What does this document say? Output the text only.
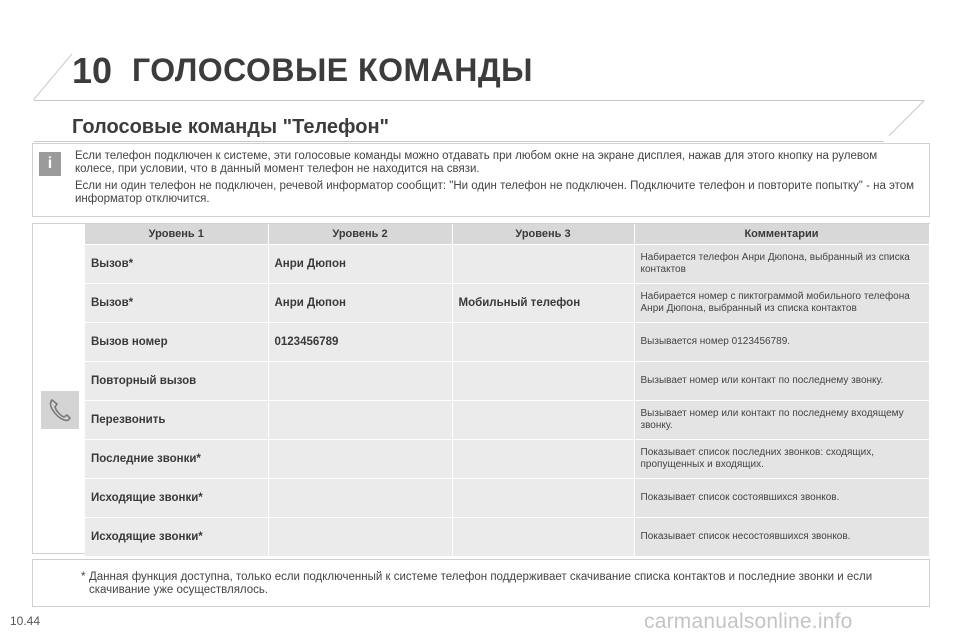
10 ГОЛОСОВЫЕ КОМАНДЫ
Голосовые команды "Телефон"
i	Если телефон подключен к системе, эти голосовые команды можно отдавать при любом окне на экране дисплея, нажав для этого кнопку на рулевом колесе, при условии, что в данный момент телефон не находится на связи.

Если ни один телефон не подключен, речевой информатор сообщит: "Ни один телефон не подключен. Подключите телефон и повторите попытку" - на этом информатор отключится.

Уровень 1	Уровень 2	Уровень 3	Комментарии
Вызов*	Анри Дюпон		Набирается телефон Анри Дюпона, выбранный из списка контактов
Вызов*	Анри Дюпон	Мобильный телефон	Набирается номер с пиктограммой мобильного телефона Анри Дюпона, выбранный из списка контактов
Вызов номер	0123456789		Вызывается номер 0123456789.
Повторный вызов			Вызывает номер или контакт по последнему звонку.
Перезвонить			Вызывает номер или контакт по последнему входящему звонку.
Последние звонки*			Показывает список последних звонков: сходящих, пропущенных и входящих.
Исходящие звонки*			Показывает список состоявшихся звонков.
Исходящие звонки*			Показывает список несостоявшихся звонков.
* Данная функция доступна, только если подключенный к системе телефон поддерживает скачивание списка контактов и последние звонки и если скачивание уже осуществлялось.
10.44	carmanualsonline.info
